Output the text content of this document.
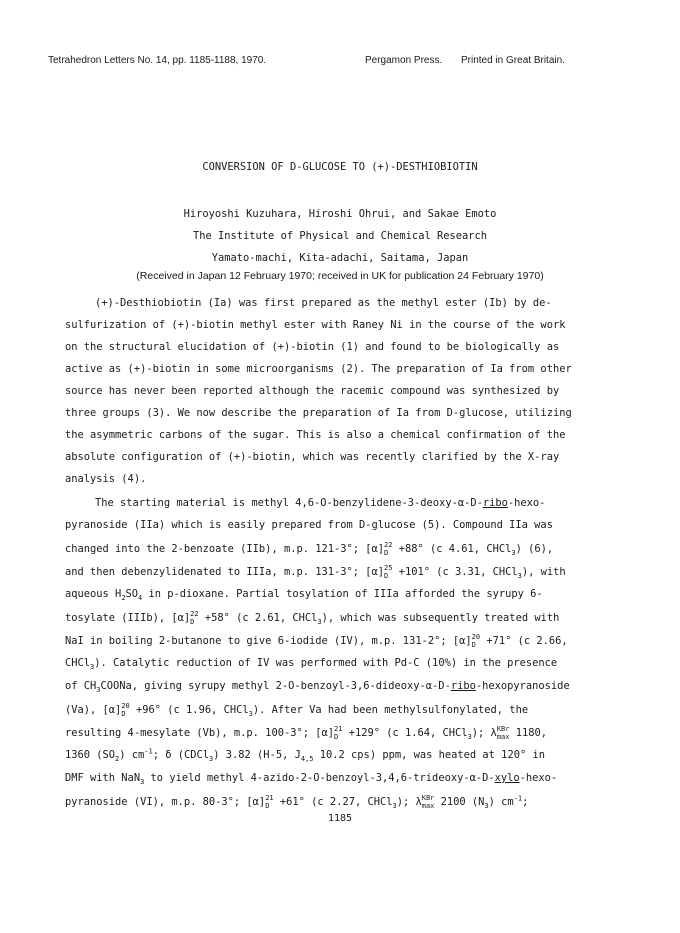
Tetrahedron Letters No. 14, pp. 1185-1188, 1970.	Pergamon Press. Printed in Great Britain.
CONVERSION OF D-GLUCOSE TO (+)-DESTHIOBIOTIN
Hiroyoshi Kuzuhara, Hiroshi Ohrui, and Sakae Emoto
The Institute of Physical and Chemical Research
Yamato-machi, Kita-adachi, Saitama, Japan
(Received in Japan 12 February 1970; received in UK for publication 24 February 1970)
(+)-Desthiobiotin (Ia) was first prepared as the methyl ester (Ib) by de-
sulfurization of (+)-biotin methyl ester with Raney Ni in the course of the work
on the structural elucidation of (+)-biotin (1) and found to be biologically as
active as (+)-biotin in some microorganisms (2). The preparation of Ia from other
source has never been reported although the racemic compound was synthesized by
three groups (3). We now describe the preparation of Ia from D-glucose, utilizing
the asymmetric carbons of the sugar. This is also a chemical confirmation of the
absolute configuration of (+)-biotin, which was recently clarified by the X-ray
analysis (4).
The starting material is methyl 4,6-O-benzylidene-3-deoxy-α-D-ribo-hexo-
pyranoside (IIa) which is easily prepared from D-glucose (5). Compound IIa was
changed into the 2-benzoate (IIb), m.p. 121-3°; [α]22
D +88° (c 4.61, CHCl$_3$) (6),
and then debenzylidenated to IIIa, m.p. 131-3°; [α]25
D +101° (c 3.31, CHCl$_3$), with
aqueous $H_2SO_4$ in p-dioxane. Partial tosylation of IIIa afforded the syrupy 6-
tosylate (IIIb), [α]22
D +58° (c 2.61, CHCl$_3$), which was subsequently treated with
NaI in boiling 2-butanone to give 6-iodide (IV), m.p. 131-2°; [α]20
D +71° (c 2.66,
CHCl$_3$). Catalytic reduction of IV was performed with Pd-C (10%) in the presence
of $CH_3COONa$, giving syrupy methyl 2-O-benzoyl-3,6-dideoxy-α-D-ribo-hexopyranoside
(Va), [α]20
D +96° (c 1.96, CHCl$_3$). After Va had been methylsulfonylated, the
resulting 4-mesylate (Vb), m.p. 100-3°; [α]21
D +129° (c 1.64, CHCl$_3$); λKBr
max 1180,
1360 $(SO_2)$ $cm^{-1}$; δ (CDCl$_3$) 3.82 (H-5, $J_{4,5}$ 10.2 cps) ppm, was heated at 120° in
DMF with NaN$_3$ to yield methyl 4-azido-2-O-benzoyl-3,4,6-trideoxy-α-D-xylo-hexo-
pyranoside (VI), m.p. 80-3°; [α]21
D +61° (c 2.27, CHCl$_3$); λKBr
max 2100 $(N_3)$ $cm^{-1}$;
1185
